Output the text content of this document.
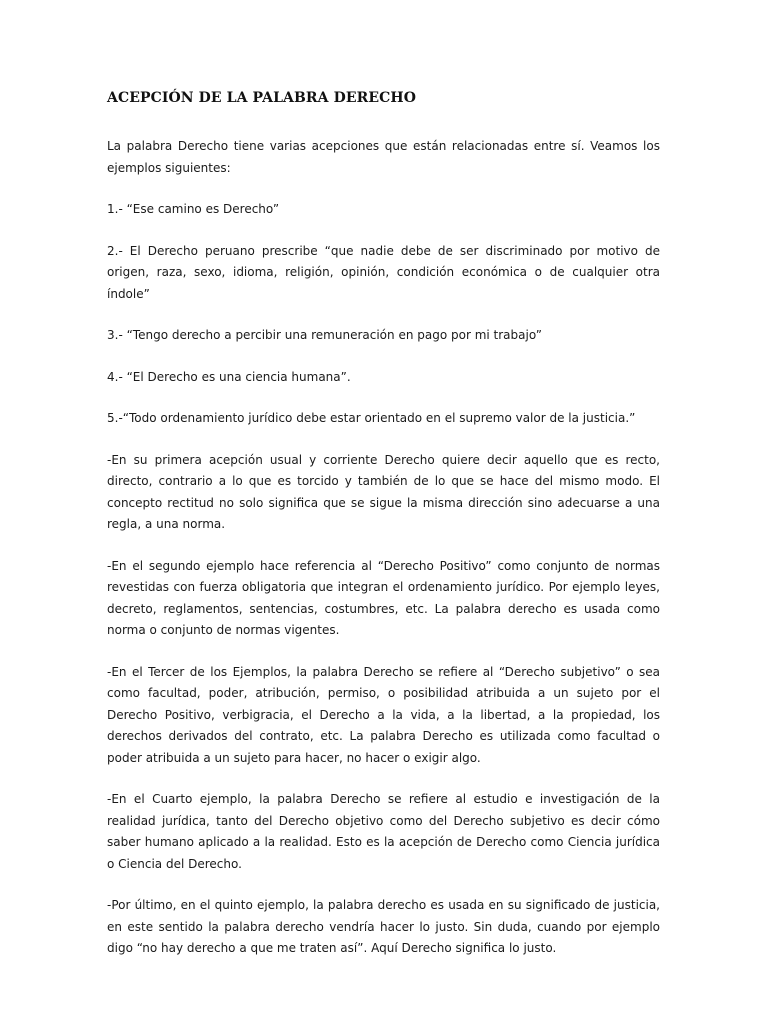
ACEPCIÓN DE LA PALABRA DERECHO

La palabra Derecho tiene varias acepciones que están relacionadas entre sí. Veamos los ejemplos siguientes:

1.- “Ese camino es Derecho”

2.- El Derecho peruano prescribe “que nadie debe de ser discriminado por motivo de origen, raza, sexo, idioma, religión, opinión, condición económica o de cualquier otra índole”

3.- “Tengo derecho a percibir una remuneración en pago por mi trabajo”

4.- “El Derecho es una ciencia humana”.

5.-“Todo ordenamiento jurídico debe estar orientado en el supremo valor de la justicia.”

-En su primera acepción usual y corriente Derecho quiere decir aquello que es recto, directo, contrario a lo que es torcido y también de lo que se hace del mismo modo. El concepto rectitud no solo significa que se sigue la misma dirección sino adecuarse a una regla, a una norma.

-En el segundo ejemplo hace referencia al “Derecho Positivo” como conjunto de normas revestidas con fuerza obligatoria que integran el ordenamiento jurídico. Por ejemplo leyes, decreto, reglamentos, sentencias, costumbres, etc. La palabra derecho es usada como norma o conjunto de normas vigentes.

-En el Tercer de los Ejemplos, la palabra Derecho se refiere al “Derecho subjetivo” o sea como facultad, poder, atribución, permiso, o posibilidad atribuida a un sujeto por el Derecho Positivo, verbigracia, el Derecho a la vida, a la libertad, a la propiedad, los derechos derivados del contrato, etc. La palabra Derecho es utilizada como facultad o poder atribuida a un sujeto para hacer, no hacer o exigir algo.

-En el Cuarto ejemplo, la palabra Derecho se refiere al estudio e investigación de la realidad jurídica, tanto del Derecho objetivo como del Derecho subjetivo es decir cómo saber humano aplicado a la realidad. Esto es la acepción de Derecho como Ciencia jurídica o Ciencia del Derecho.

-Por último, en el quinto ejemplo, la palabra derecho es usada en su significado de justicia, en este sentido la palabra derecho vendría hacer lo justo. Sin duda, cuando por ejemplo digo “no hay derecho a que me traten así”. Aquí Derecho significa lo justo.
